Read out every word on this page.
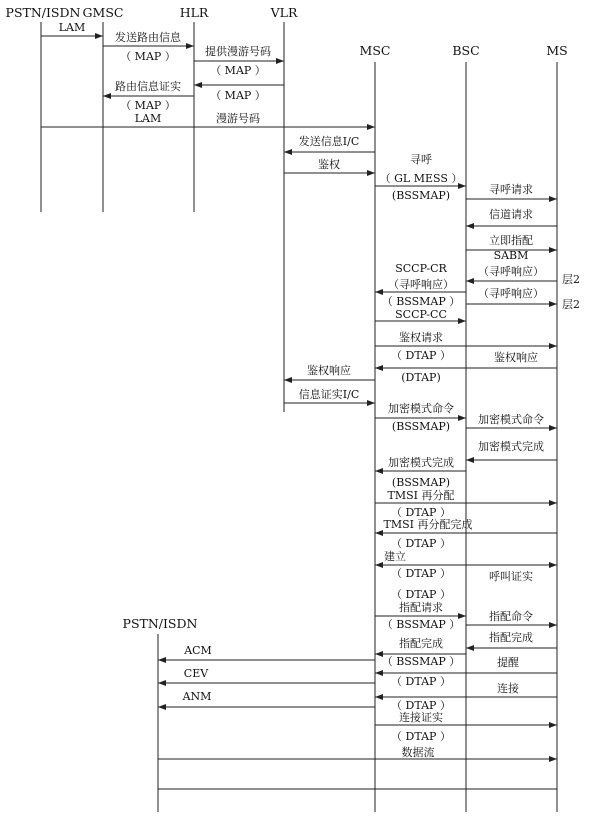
PSTN/ISDN GMSC	HLR	VLR
MSC	BSC	MS
PSTN/ISDN
LAM
发送路由信息
（ MAP ）	提供漫游号码
（ MAP ）
（ MAP ）
路由信息证实
（ MAP ）
LAM	漫游号码
发送信息I/C
鉴权	寻呼
（ GL MESS ）
(BSSMAP)	寻呼请求
信道请求
立即指配
SABM
（寻呼响应）
层2
SCCP-CR
（寻呼响应）
（ BSSMAP ）
（寻呼响应）
层2
SCCP-CC
鉴权请求
（ DTAP ）	鉴权响应
(DTAP)
鉴权响应
信息证实I/C
加密模式命令
(BSSMAP)
加密模式命令
加密模式完成
加密模式完成
(BSSMAP)
TMSI 再分配
（ DTAP ）
TMSI 再分配完成
（ DTAP ）
建立
（ DTAP ）	呼叫证实
（ DTAP ）
指配请求
（ BSSMAP ）
指配命令
指配完成
指配完成
（ BSSMAP ）
ACM
提醒
（ DTAP ）
CEV
连接
（ DTAP ）
ANM
连接证实
（ DTAP ）
数据流
